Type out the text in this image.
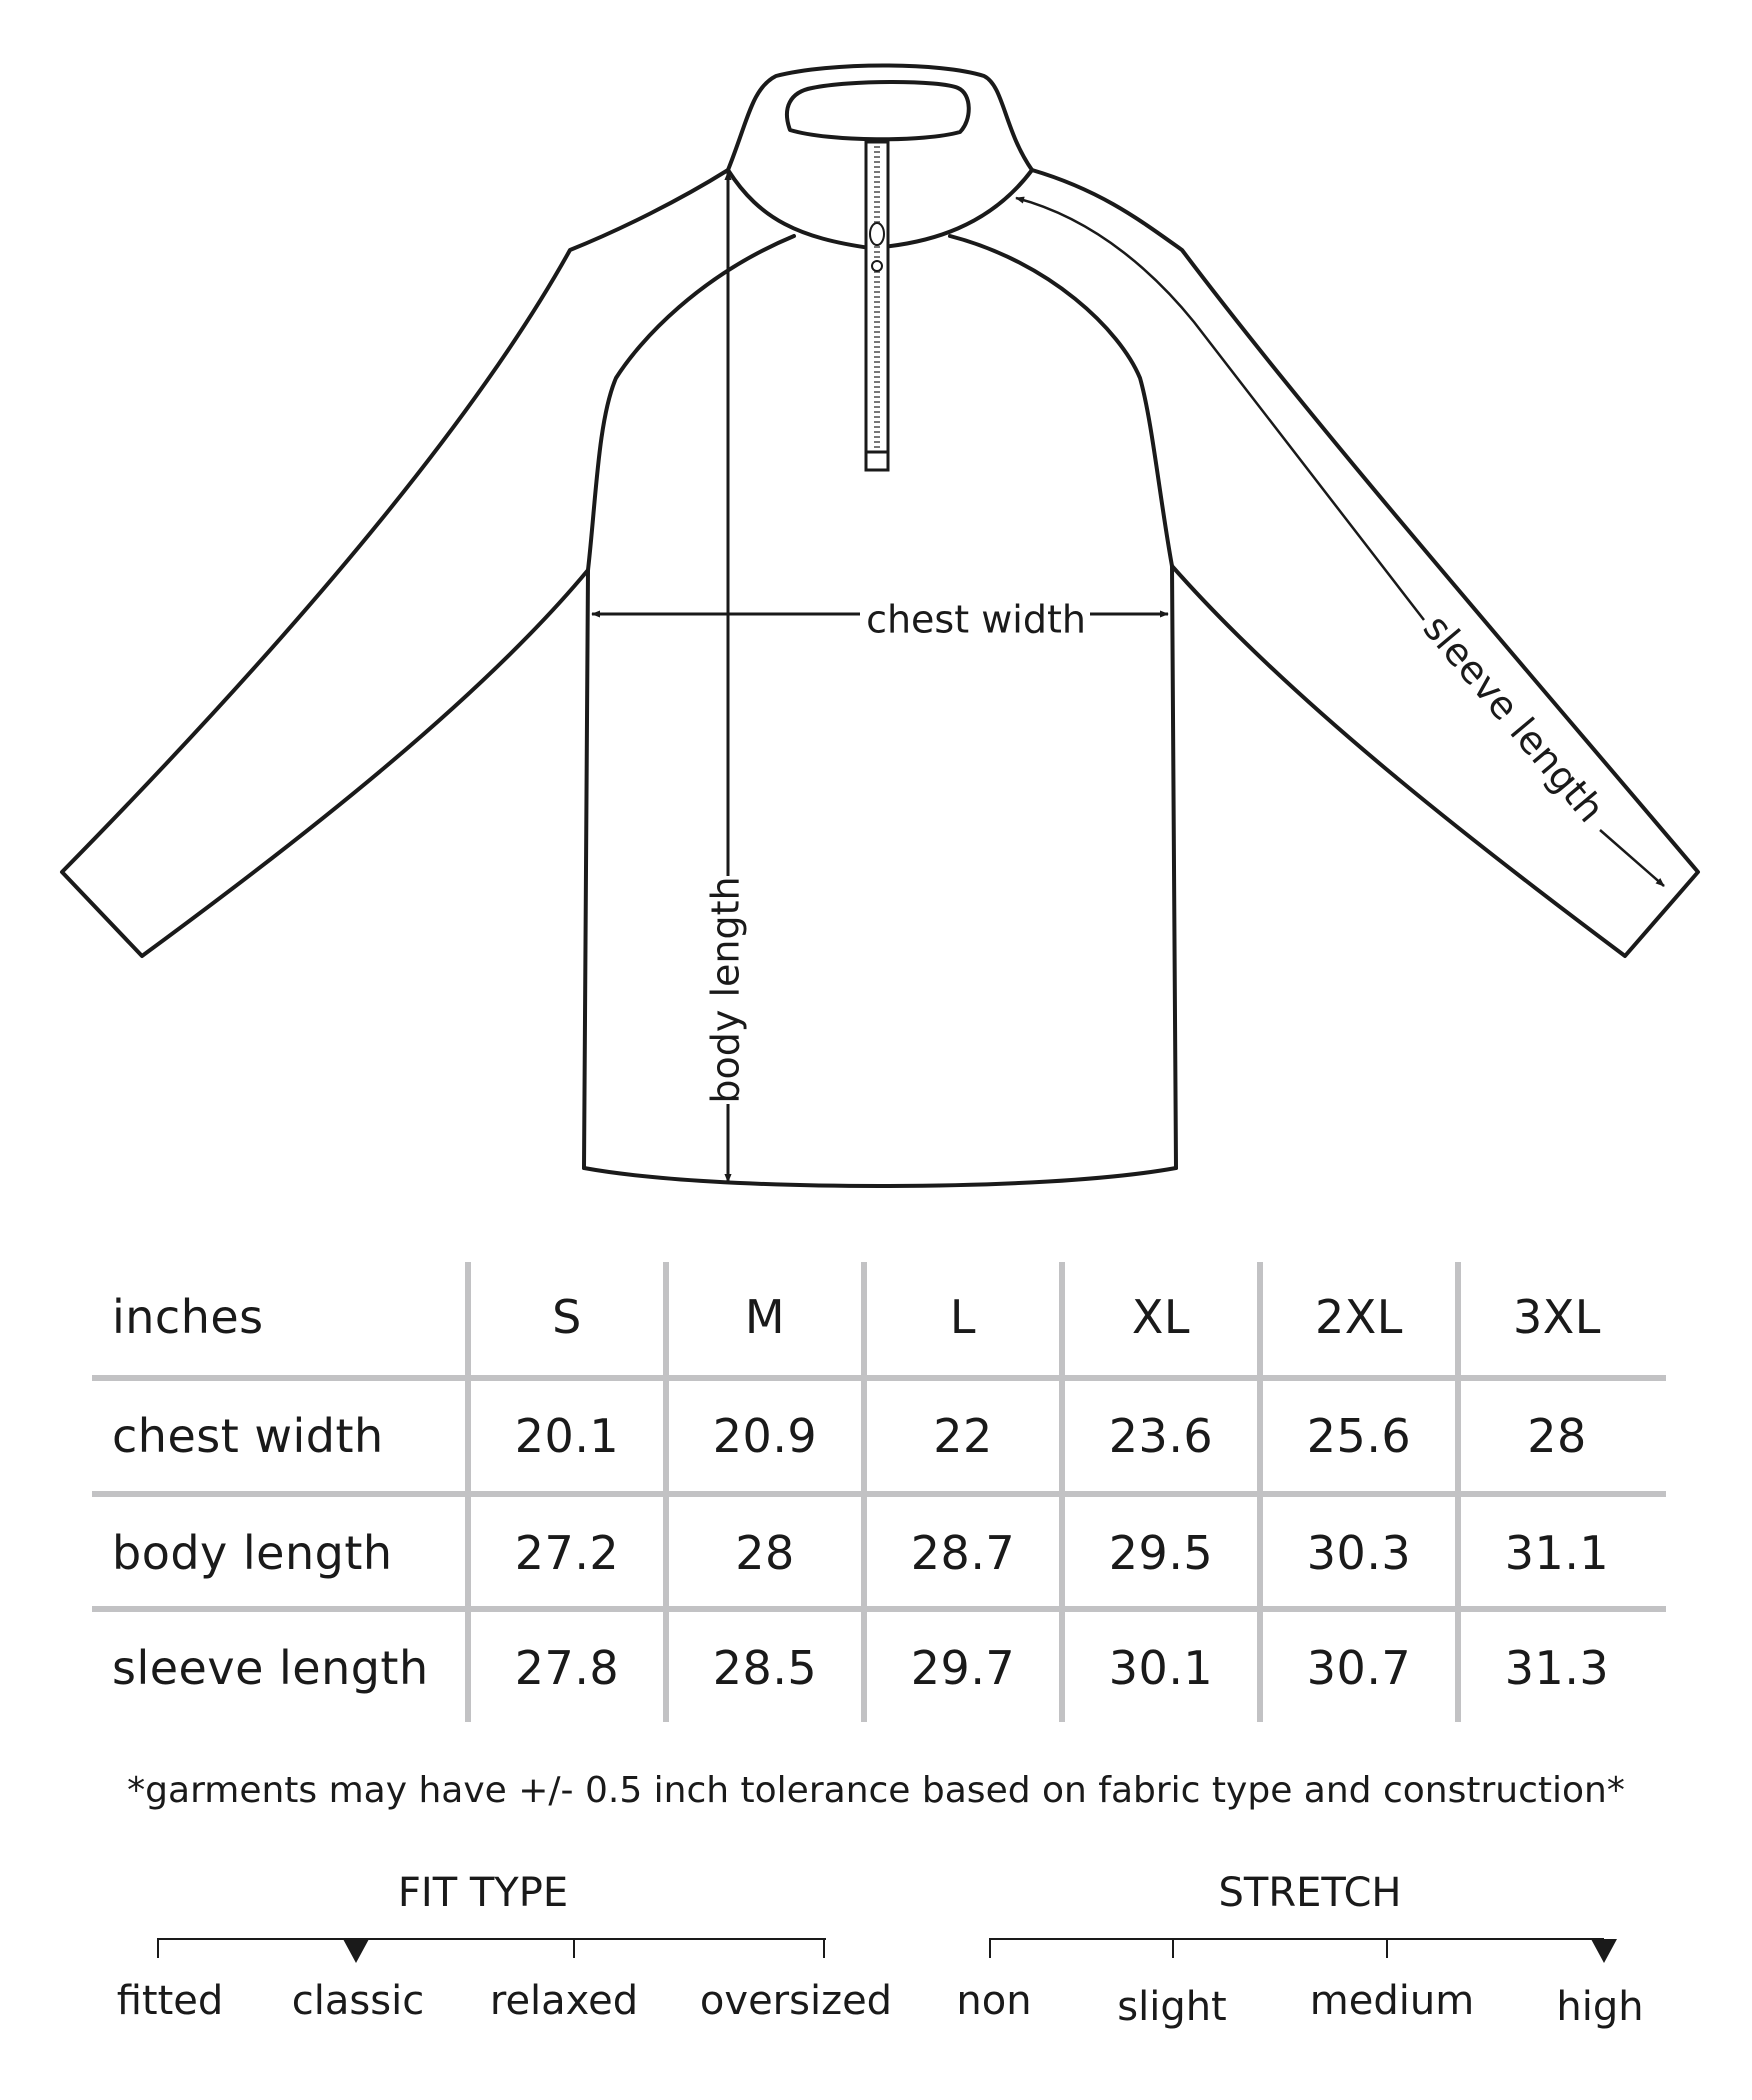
chest width
body length
sleeve length
inches	S	M	L	XL	2XL	3XL
chest width	20.1	20.9	22	23.6	25.6	28
body length	27.2	28	28.7	29.5	30.3	31.1
sleeve length	27.8	28.5	29.7	30.1	30.7	31.3
*garments may have +/- 0.5 inch tolerance based on fabric type and construction*
FIT TYPE
fitted classic relaxed oversized
STRETCH
non slight medium high
